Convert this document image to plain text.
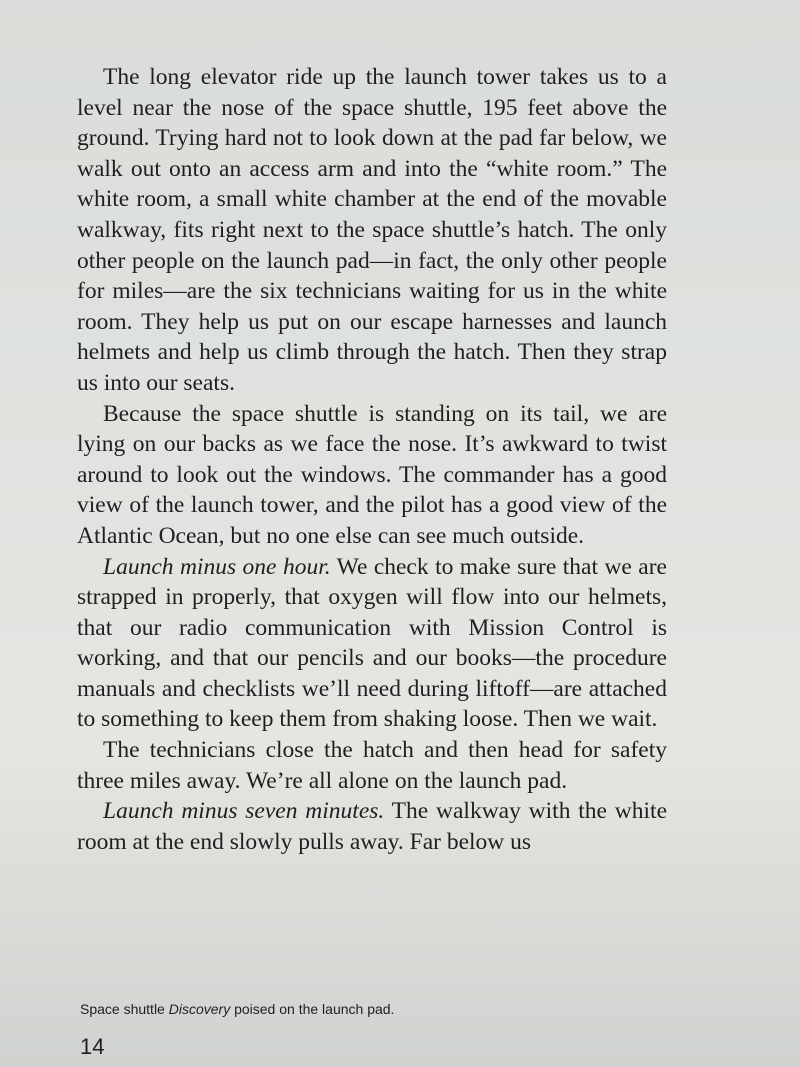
The long elevator ride up the launch tower takes us to a level near the nose of the space shuttle, 195 feet above the ground. Trying hard not to look down at the pad far below, we walk out onto an access arm and into the “white room.” The white room, a small white chamber at the end of the movable walkway, fits right next to the space shuttle’s hatch. The only other people on the launch pad—in fact, the only other people for miles—are the six technicians waiting for us in the white room. They help us put on our escape harnesses and launch helmets and help us climb through the hatch. Then they strap us into our seats.

Because the space shuttle is standing on its tail, we are lying on our backs as we face the nose. It’s awkward to twist around to look out the windows. The commander has a good view of the launch tower, and the pilot has a good view of the Atlantic Ocean, but no one else can see much outside.

Launch minus one hour. We check to make sure that we are strapped in properly, that oxygen will flow into our helmets, that our radio communication with Mission Control is working, and that our pencils and our books—the procedure manuals and checklists we’ll need during liftoff—are attached to something to keep them from shaking loose. Then we wait.

The technicians close the hatch and then head for safety three miles away. We’re all alone on the launch pad.

Launch minus seven minutes. The walkway with the white room at the end slowly pulls away. Far below us

Space shuttle Discovery poised on the launch pad.

14
